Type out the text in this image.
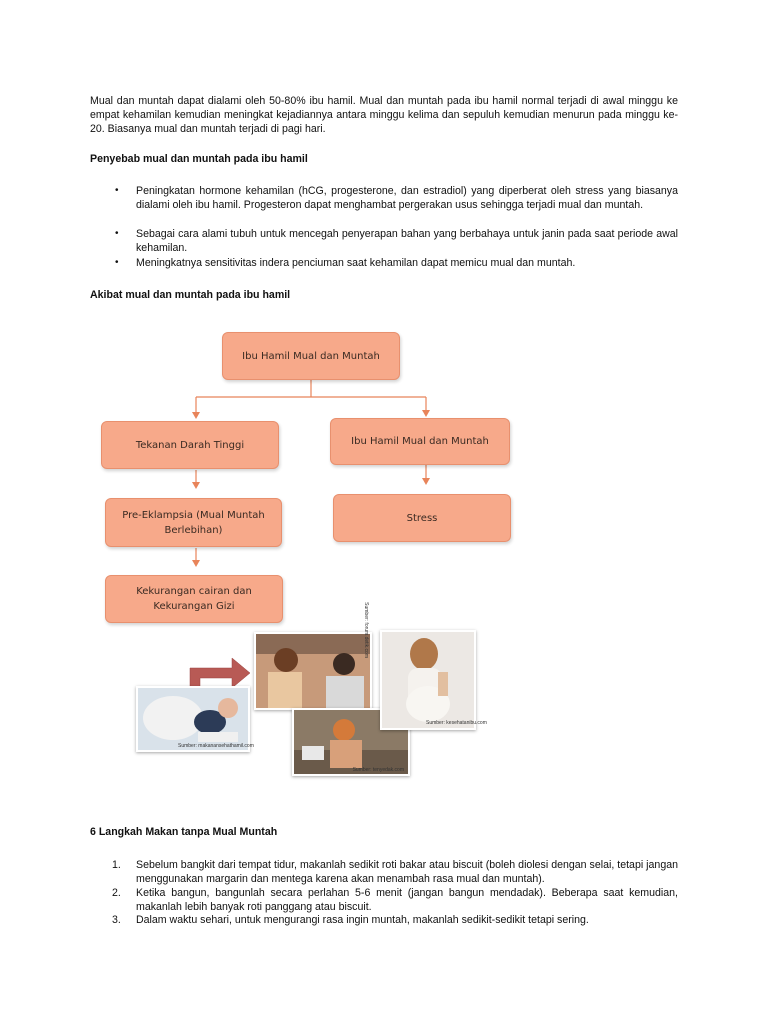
Mual dan muntah dapat dialami oleh 50-80% ibu hamil. Mual dan muntah pada ibu hamil normal terjadi di awal minggu ke empat kehamilan kemudian meningkat kejadiannya antara minggu kelima dan sepuluh kemudian menurun pada minggu ke-20. Biasanya mual dan muntah terjadi di pagi hari.
Penyebab mual dan muntah pada ibu hamil
• Peningkatan hormone kehamilan (hCG, progesterone, dan estradiol) yang diperberat oleh stress yang biasanya dialami oleh ibu hamil. Progesteron dapat menghambat pergerakan usus sehingga terjadi mual dan muntah.
• Sebagai cara alami tubuh untuk mencegah penyerapan bahan yang berbahaya untuk janin pada saat periode awal kehamilan.
• Meningkatnya sensitivitas indera penciuman saat kehamilan dapat memicu mual dan muntah.
Akibat mual dan muntah pada ibu hamil
Ibu Hamil Mual dan Muntah
Tekanan Darah Tinggi	Ibu Hamil Mual dan Muntah
Pre-Eklampsia (Mual Muntah Berlebihan)
Stress
Kekurangan cairan dan Kekurangan Gizi
Sumber: makanansehathamil.com
Sumber: forum.detik.com
Sumber: tenyedak.com
Sumber: kesehatanibu.com
6 Langkah Makan tanpa Mual Muntah
1. Sebelum bangkit dari tempat tidur, makanlah sedikit roti bakar atau biscuit (boleh diolesi dengan selai, tetapi jangan menggunakan margarin dan mentega karena akan menambah rasa mual dan muntah).
2. Ketika bangun, bangunlah secara perlahan 5-6 menit (jangan bangun mendadak). Beberapa saat kemudian, makanlah lebih banyak roti panggang atau biscuit.
3. Dalam waktu sehari, untuk mengurangi rasa ingin muntah, makanlah sedikit-sedikit tetapi sering.
